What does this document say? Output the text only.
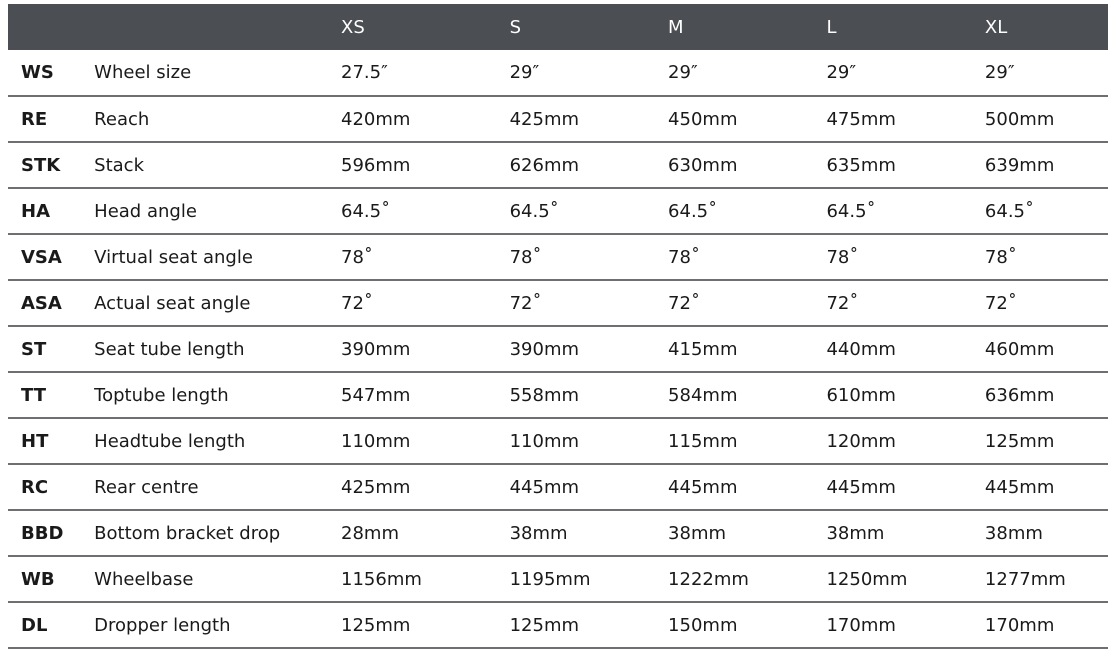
		XS	S	M	L	XL
WS	Wheel size	27.5″	29″	29″	29″	29″
RE	Reach	420mm	425mm	450mm	475mm	500mm
STK	Stack	596mm	626mm	630mm	635mm	639mm
HA	Head angle	64.5˚	64.5˚	64.5˚	64.5˚	64.5˚
VSA	Virtual seat angle	78˚	78˚	78˚	78˚	78˚
ASA	Actual seat angle	72˚	72˚	72˚	72˚	72˚
ST	Seat tube length	390mm	390mm	415mm	440mm	460mm
TT	Toptube length	547mm	558mm	584mm	610mm	636mm
HT	Headtube length	110mm	110mm	115mm	120mm	125mm
RC	Rear centre	425mm	445mm	445mm	445mm	445mm
BBD	Bottom bracket drop	28mm	38mm	38mm	38mm	38mm
WB	Wheelbase	1156mm	1195mm	1222mm	1250mm	1277mm
DL	Dropper length	125mm	125mm	150mm	170mm	170mm
